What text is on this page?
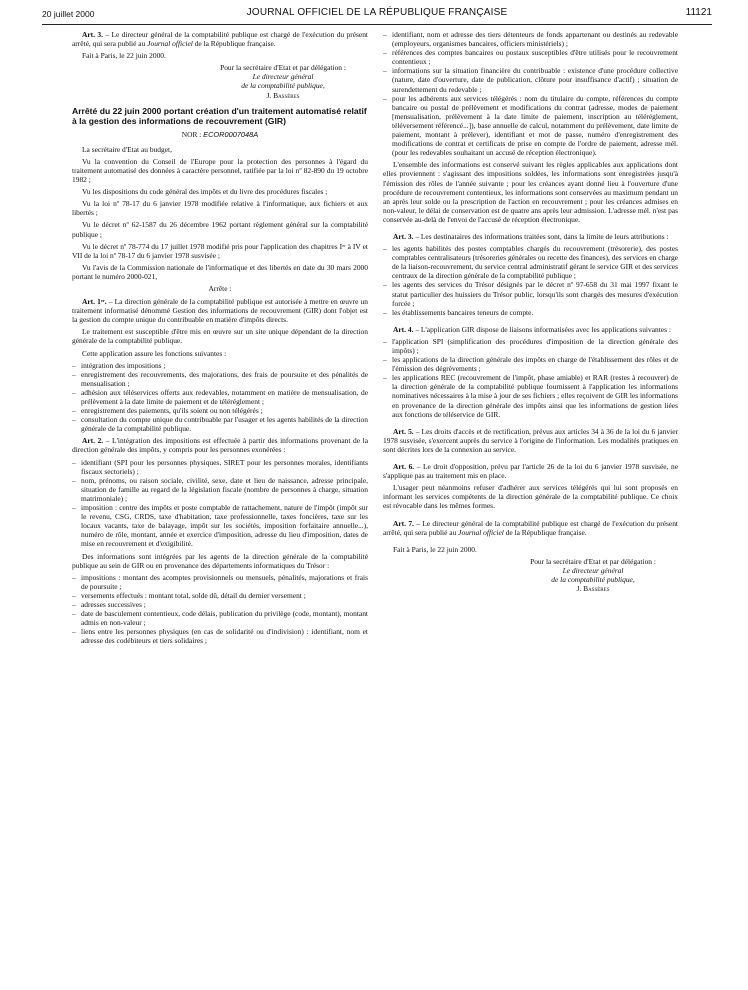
20 juillet 2000	JOURNAL OFFICIEL DE LA RÉPUBLIQUE FRANÇAISE	11121

Art. 3. – Le directeur général de la comptabilité publique est chargé de l'exécution du présent arrêté, qui sera publié au Journal officiel de la République française.

Fait à Paris, le 22 juin 2000.

Pour la secrétaire d'Etat et par délégation :
Le directeur général
de la comptabilité publique,
J. Bassères
Arrêté du 22 juin 2000 portant création d'un traitement automatisé relatif à la gestion des informations de recouvrement (GIR)
NOR : ECOR0007048A

La secrétaire d'Etat au budget,

Vu la convention du Conseil de l'Europe pour la protection des personnes à l'égard du traitement automatisé des données à caractère personnel, ratifiée par la loi nº 82-890 du 19 octobre 1982 ;

Vu les dispositions du code général des impôts et du livre des procédures fiscales ;

Vu la loi nº 78-17 du 6 janvier 1978 modifiée relative à l'informatique, aux fichiers et aux libertés ;

Vu le décret nº 62-1587 du 26 décembre 1962 portant règlement général sur la comptabilité publique ;

Vu le décret nº 78-774 du 17 juillet 1978 modifié pris pour l'application des chapitres Iᵉʳ à IV et VII de la loi nº 78-17 du 6 janvier 1978 susvisée ;

Vu l'avis de la Commission nationale de l'informatique et des libertés en date du 30 mars 2000 portant le numéro 2000-021,

Arrête :

Art. 1ᵉʳ. – La direction générale de la comptabilité publique est autorisée à mettre en œuvre un traitement informatisé dénommé Gestion des informations de recouvrement (GIR) dont l'objet est la gestion du compte unique du contribuable en matière d'impôts directs.

Le traitement est susceptible d'être mis en œuvre sur un site unique dépendant de la direction générale de la comptabilité publique.

Cette application assure les fonctions suivantes :

– intégration des impositions ;
– enregistrement des recouvrements, des majorations, des frais de poursuite et des pénalités de mensualisation ;
– adhésion aux téléservices offerts aux redevables, notamment en matière de mensualisation, de prélèvement à la date limite de paiement et de téléréglement ;
– enregistrement des paiements, qu'ils soient ou non télégérés ;
– consultation du compte unique du contribuable par l'usager et les agents habilités de la direction générale de la comptabilité publique.

Art. 2. – L'intégration des impositions est effectuée à partir des informations provenant de la direction générale des impôts, y compris pour les personnes exonérées :

– identifiant (SPI pour les personnes physiques, SIRET pour les personnes morales, identifiants fiscaux sectoriels) ;
– nom, prénoms, ou raison sociale, civilité, sexe, date et lieu de naissance, adresse principale, situation de famille au regard de la législation fiscale (nombre de personnes à charge, situation matrimoniale) ;
– imposition : centre des impôts et poste comptable de rattachement, nature de l'impôt (impôt sur le revenu, CSG, CRDS, taxe d'habitation, taxe professionnelle, taxes foncières, taxe sur les locaux vacants, taxe de balayage, impôt sur les sociétés, imposition forfaitaire annuelle...), numéro de rôle, montant, année et exercice d'imposition, adresse du lieu d'imposition, dates de mise en recouvrement et d'exigibilité.

Des informations sont intégrées par les agents de la direction générale de la comptabilité publique au sein de GIR ou en provenance des départements informatiques du Trésor :

– impositions : montant des acomptes provisionnels ou mensuels, pénalités, majorations et frais de poursuite ;
– versements effectués : montant total, solde dû, détail du dernier versement ;
– adresses successives ;
– date de basculement contentieux, code délais, publication du privilège (code, montant), montant admis en non-valeur ;
– liens entre les personnes physiques (en cas de solidarité ou d'indivision) : identifiant, nom et adresse des codébiteurs et tiers solidaires ;
– identifiant, nom et adresse des tiers détenteurs de fonds appartenant ou destinés au redevable (employeurs, organismes bancaires, officiers ministériels) ;
– références des comptes bancaires ou postaux susceptibles d'être utilisés pour le recouvrement contentieux ;
– informations sur la situation financière du contribuable : existence d'une procédure collective (nature, date d'ouverture, date de publication, clôture pour insuffisance d'actif) ; situation de surendettement du redevable ;
– pour les adhérents aux services télégérés : nom du titulaire du compte, références du compte bancaire ou postal de prélèvement et modifications du contrat (adresse, modes de paiement [mensualisation, prélèvement à la date limite de paiement, inscription au téléréglement, téléversement référencé...]), base annuelle de calcul, notamment du prélèvement, date limite de paiement, montant à prélever), identifiant et mot de passe, numéro d'enregistrement des modifications de contrat et certificats de prise en compte de l'ordre de paiement, adresse mél. (pour les redevables souhaitant un accusé de réception électronique).

L'ensemble des informations est conservé suivant les règles applicables aux applications dont elles proviennent : s'agissant des impositions soldées, les informations sont enregistrées jusqu'à l'émission des rôles de l'année suivante ; pour les créances ayant donné lieu à l'ouverture d'une procédure de recouvrement contentieux, les informations sont conservées au maximum pendant un an après leur solde ou la prescription de l'action en recouvrement ; pour les créances admises en non-valeur, le délai de conservation est de quatre ans après leur admission. L'adresse mél. n'est pas conservée au-delà de l'envoi de l'accusé de réception électronique.

Art. 3. – Les destinataires des informations traitées sont, dans la limite de leurs attributions :

– les agents habilités des postes comptables chargés du recouvrement (trésorerie), des postes comptables centralisateurs (trésoreries générales ou recette des finances), des services en charge de la liaison-recouvrement, du service central administratif gérant le service GIR et des services centraux de la direction générale de la comptabilité publique ;
– les agents des services du Trésor désignés par le décret nº 97-658 du 31 mai 1997 fixant le statut particulier des huissiers du Trésor public, lorsqu'ils sont chargés des mesures d'exécution forcée ;
– les établissements bancaires teneurs de compte.

Art. 4. – L'application GIR dispose de liaisons informatisées avec les applications suivantes :

– l'application SPI (simplification des procédures d'imposition de la direction générale des impôts) ;
– les applications de la direction générale des impôts en charge de l'établissement des rôles et de l'émission des dégrèvements ;
– les applications REC (recouvrement de l'impôt, phase amiable) et RAR (restes à recouvrer) de la direction générale de la comptabilité publique fournissent à l'application les informations nominatives nécessaires à la mise à jour de ses fichiers ; elles reçoivent de GIR les informations en provenance de la direction générale des impôts ainsi que les informations de gestion liées aux fonctions de téléservice de GIR.

Art. 5. – Les droits d'accès et de rectification, prévus aux articles 34 à 36 de la loi du 6 janvier 1978 susvisée, s'exercent auprès du service à l'origine de l'information. Les modalités pratiques en sont décrites lors de la connexion au service.

Art. 6. – Le droit d'opposition, prévu par l'article 26 de la loi du 6 janvier 1978 susvisée, ne s'applique pas au traitement mis en place.

L'usager peut néanmoins refuser d'adhérer aux services télégérés qui lui sont proposés en informant les services compétents de la direction générale de la comptabilité publique. Ce choix est révocable dans les mêmes formes.

Art. 7. – Le directeur général de la comptabilité publique est chargé de l'exécution du présent arrêté, qui sera publié au Journal officiel de la République française.

Fait à Paris, le 22 juin 2000.

Pour la secrétaire d'Etat et par délégation :
Le directeur général
de la comptabilité publique,
J. Bassères
